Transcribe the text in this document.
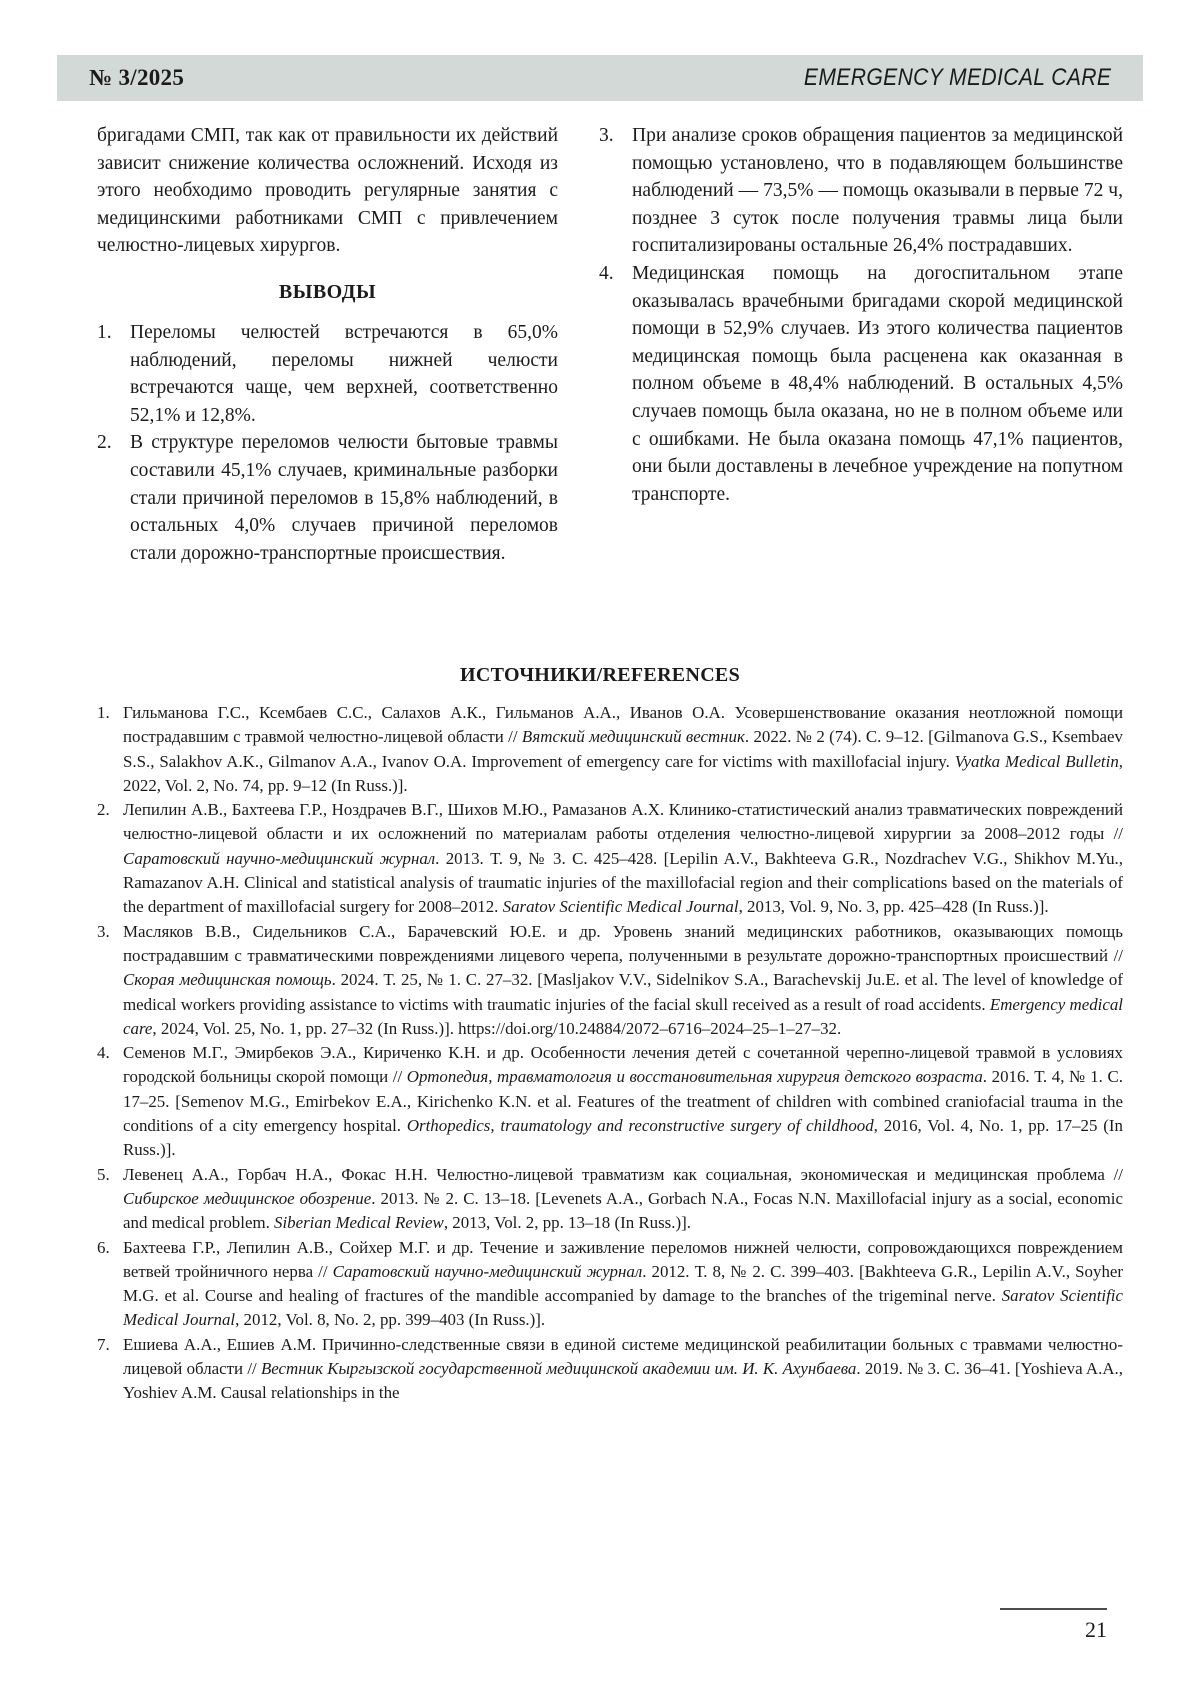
№ 3/2025	EMERGENCY MEDICAL CARE

бригадами СМП, так как от правильности их действий зависит снижение количества осложнений. Исходя из этого необходимо проводить регулярные занятия с медицинскими работниками СМП с привлечением челюстно-лицевых хирургов.

ВЫВОДЫ
1. Переломы челюстей встречаются в 65,0% наблюдений, переломы нижней челюсти встречаются чаще, чем верхней, соответственно 52,1% и 12,8%.
2. В структуре переломов челюсти бытовые травмы составили 45,1% случаев, криминальные разборки стали причиной переломов в 15,8% наблюдений, в остальных 4,0% случаев причиной переломов стали дорожно-транспортные происшествия.
3. При анализе сроков обращения пациентов за медицинской помощью установлено, что в подавляющем большинстве наблюдений — 73,5% — помощь оказывали в первые 72 ч, позднее 3 суток после получения травмы лица были госпитализированы остальные 26,4% пострадавших.
4. Медицинская помощь на догоспитальном этапе оказывалась врачебными бригадами скорой медицинской помощи в 52,9% случаев. Из этого количества пациентов медицинская помощь была расценена как оказанная в полном объеме в 48,4% наблюдений. В остальных 4,5% случаев помощь была оказана, но не в полном объеме или с ошибками. Не была оказана помощь 47,1% пациентов, они были доставлены в лечебное учреждение на попутном транспорте.
ИСТОЧНИКИ/REFERENCES
1. Гильманова Г.С., Ксембаев С.С., Салахов А.К., Гильманов А.А., Иванов О.А. Усовершенствование оказания неотложной помощи пострадавшим с травмой челюстно-лицевой области // Вятский медицинский вестник. 2022. № 2 (74). С. 9–12. [Gilmanova G.S., Ksembaev S.S., Salakhov A.K., Gilmanov A.A., Ivanov O.A. Improvement of emergency care for victims with maxillofacial injury. Vyatka Medical Bulletin, 2022, Vol. 2, No. 74, pp. 9–12 (In Russ.)].
2. Лепилин А.В., Бахтеева Г.Р., Ноздрачев В.Г., Шихов М.Ю., Рамазанов А.Х. Клинико-статистический анализ травматических повреждений челюстно-лицевой области и их осложнений по материалам работы отделения челюстно-лицевой хирургии за 2008–2012 годы // Саратовский научно-медицинский журнал. 2013. Т. 9, № 3. С. 425–428. [Lepilin A.V., Bakhteeva G.R., Nozdrachev V.G., Shikhov M.Yu., Ramazanov A.H. Clinical and statistical analysis of traumatic injuries of the maxillofacial region and their complications based on the materials of the department of maxillofacial surgery for 2008–2012. Saratov Scientific Medical Journal, 2013, Vol. 9, No. 3, pp. 425–428 (In Russ.)].
3. Масляков В.В., Сидельников С.А., Барачевский Ю.Е. и др. Уровень знаний медицинских работников, оказывающих помощь пострадавшим с травматическими повреждениями лицевого черепа, полученными в результате дорожно-транспортных происшествий // Скорая медицинская помощь. 2024. Т. 25, № 1. С. 27–32. [Masljakov V.V., Sidelnikov S.A., Barachevskij Ju.E. et al. The level of knowledge of medical workers providing assistance to victims with traumatic injuries of the facial skull received as a result of road accidents. Emergency medical care, 2024, Vol. 25, No. 1, pp. 27–32 (In Russ.)]. https://doi.org/10.24884/2072–6716–2024–25–1–27–32.
4. Семенов М.Г., Эмирбеков Э.А., Кириченко К.Н. и др. Особенности лечения детей с сочетанной черепно-лицевой травмой в условиях городской больницы скорой помощи // Ортопедия, травматология и восстановительная хирургия детского возраста. 2016. Т. 4, № 1. С. 17–25. [Semenov M.G., Emirbekov E.A., Kirichenko K.N. et al. Features of the treatment of children with combined craniofacial trauma in the conditions of a city emergency hospital. Orthopedics, traumatology and reconstructive surgery of childhood, 2016, Vol. 4, No. 1, pp. 17–25 (In Russ.)].
5. Левенец А.А., Горбач Н.А., Фокас Н.Н. Челюстно-лицевой травматизм как социальная, экономическая и медицинская проблема // Сибирское медицинское обозрение. 2013. № 2. С. 13–18. [Levenets A.A., Gorbach N.A., Focas N.N. Maxillofacial injury as a social, economic and medical problem. Siberian Medical Review, 2013, Vol. 2, pp. 13–18 (In Russ.)].
6. Бахтеева Г.Р., Лепилин А.В., Сойхер М.Г. и др. Течение и заживление переломов нижней челюсти, сопровождающихся повреждением ветвей тройничного нерва // Саратовский научно-медицинский журнал. 2012. Т. 8, № 2. С. 399–403. [Bakhteeva G.R., Lepilin A.V., Soyher M.G. et al. Course and healing of fractures of the mandible accompanied by damage to the branches of the trigeminal nerve. Saratov Scientific Medical Journal, 2012, Vol. 8, No. 2, pp. 399–403 (In Russ.)].
7. Ешиева А.А., Ешиев А.М. Причинно-следственные связи в единой системе медицинской реабилитации больных с травмами челюстно-лицевой области // Вестник Кыргызской государственной медицинской академии им. И. К. Ахунбаева. 2019. № 3. С. 36–41. [Yoshieva A.A., Yoshiev A.M. Causal relationships in the
21
